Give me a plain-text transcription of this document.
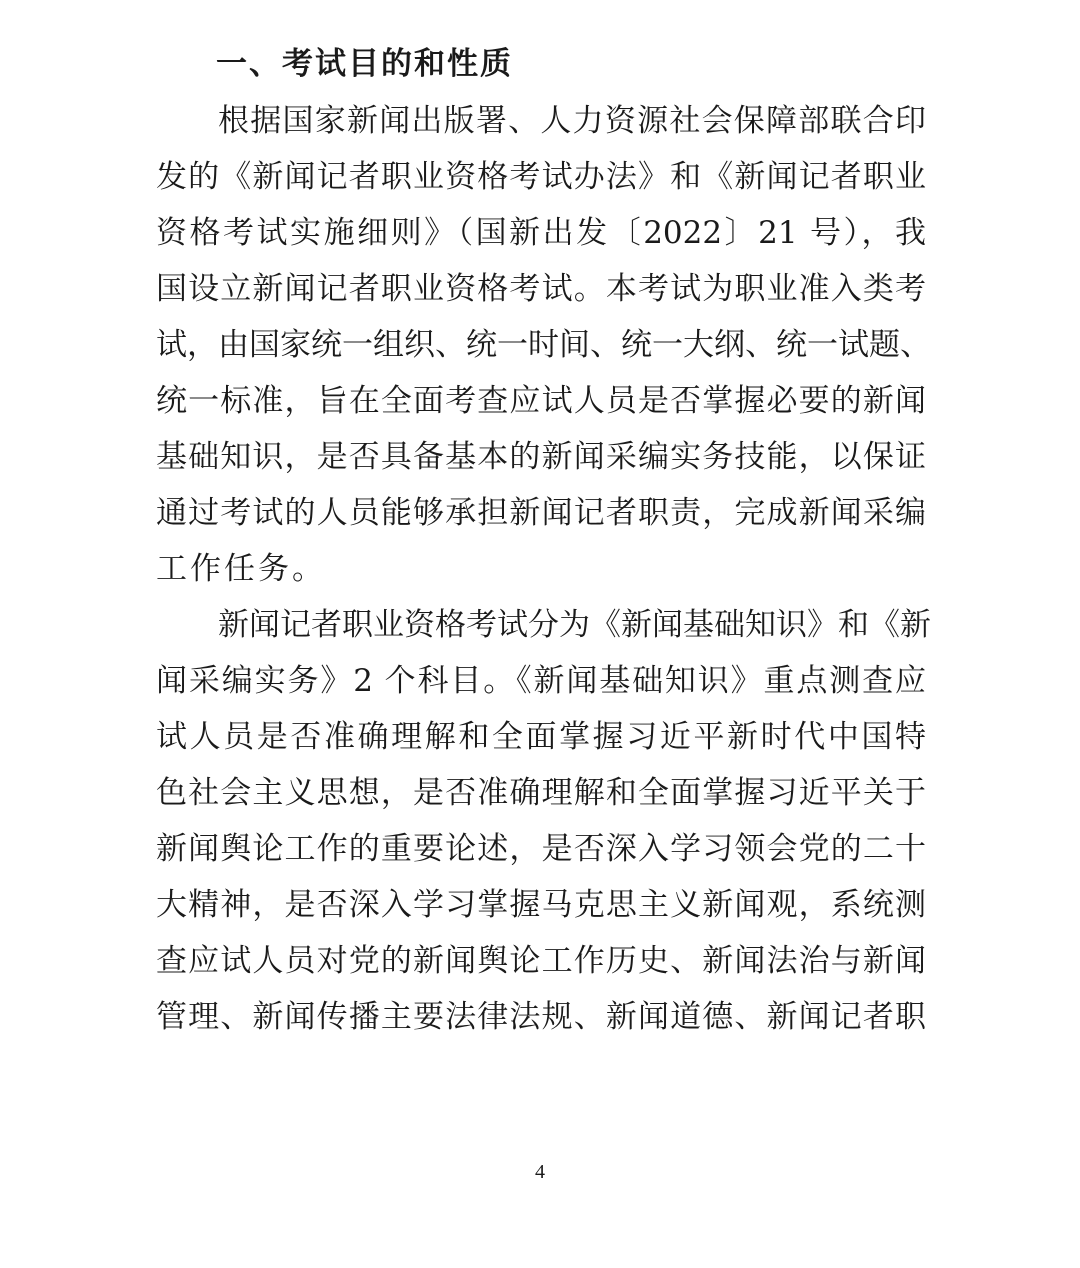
一、考试目的和性质
根据国家新闻出版署、人力资源社会保障部联合印
发的《新闻记者职业资格考试办法》和《新闻记者职业
资格考试实施细则》（国新出发〔2022〕21 号），我
国设立新闻记者职业资格考试。本考试为职业准入类考
试，由国家统一组织、统一时间、统一大纲、统一试题、
统一标准，旨在全面考查应试人员是否掌握必要的新闻
基础知识，是否具备基本的新闻采编实务技能，以保证
通过考试的人员能够承担新闻记者职责，完成新闻采编
工作任务。
新闻记者职业资格考试分为《新闻基础知识》和《新
闻采编实务》2 个科目。《新闻基础知识》重点测查应
试人员是否准确理解和全面掌握习近平新时代中国特
色社会主义思想，是否准确理解和全面掌握习近平关于
新闻舆论工作的重要论述，是否深入学习领会党的二十
大精神，是否深入学习掌握马克思主义新闻观，系统测
查应试人员对党的新闻舆论工作历史、新闻法治与新闻
管理、新闻传播主要法律法规、新闻道德、新闻记者职
4
